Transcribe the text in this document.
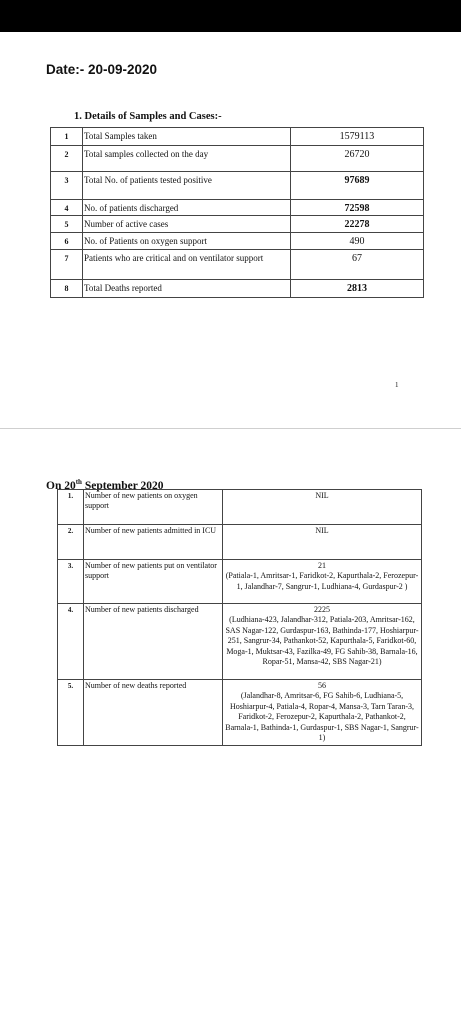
Date:- 20-09-2020
1. Details of Samples and Cases:-
1	Total Samples taken	1579113
2	Total samples collected on the day	26720
3	Total No. of patients tested positive	97689
4	No. of patients discharged	72598
5	Number of active cases	22278
6	No. of Patients on oxygen support	490
7	Patients who are critical and on ventilator support	67
8	Total Deaths reported	2813
1
On 20th September 2020
1.	Number of new patients on oxygen support	NIL

2.	Number of new patients admitted in ICU	NIL

3.	Number of new patients put on ventilator support	21
(Patiala-1, Amritsar-1, Faridkot-2, Kapurthala-2, Ferozepur-1, Jalandhar-7, Sangrur-1, Ludhiana-4, Gurdaspur-2 )

4.	Number of new patients discharged	2225
(Ludhiana-423, Jalandhar-312, Patiala-203, Amritsar-162, SAS Nagar-122, Gurdaspur-163, Bathinda-177, Hoshiarpur-251, Sangrur-34, Pathankot-52, Kapurthala-5, Faridkot-60, Moga-1, Muktsar-43, Fazilka-49, FG Sahib-38, Barnala-16, Ropar-51, Mansa-42, SBS Nagar-21)

5.	Number of new deaths reported	56
(Jalandhar-8, Amritsar-6, FG Sahib-6, Ludhiana-5, Hoshiarpur-4, Patiala-4, Ropar-4, Mansa-3, Tarn Taran-3, Faridkot-2, Ferozepur-2, Kapurthala-2, Pathankot-2, Barnala-1, Bathinda-1, Gurdaspur-1, SBS Nagar-1, Sangrur-1)
